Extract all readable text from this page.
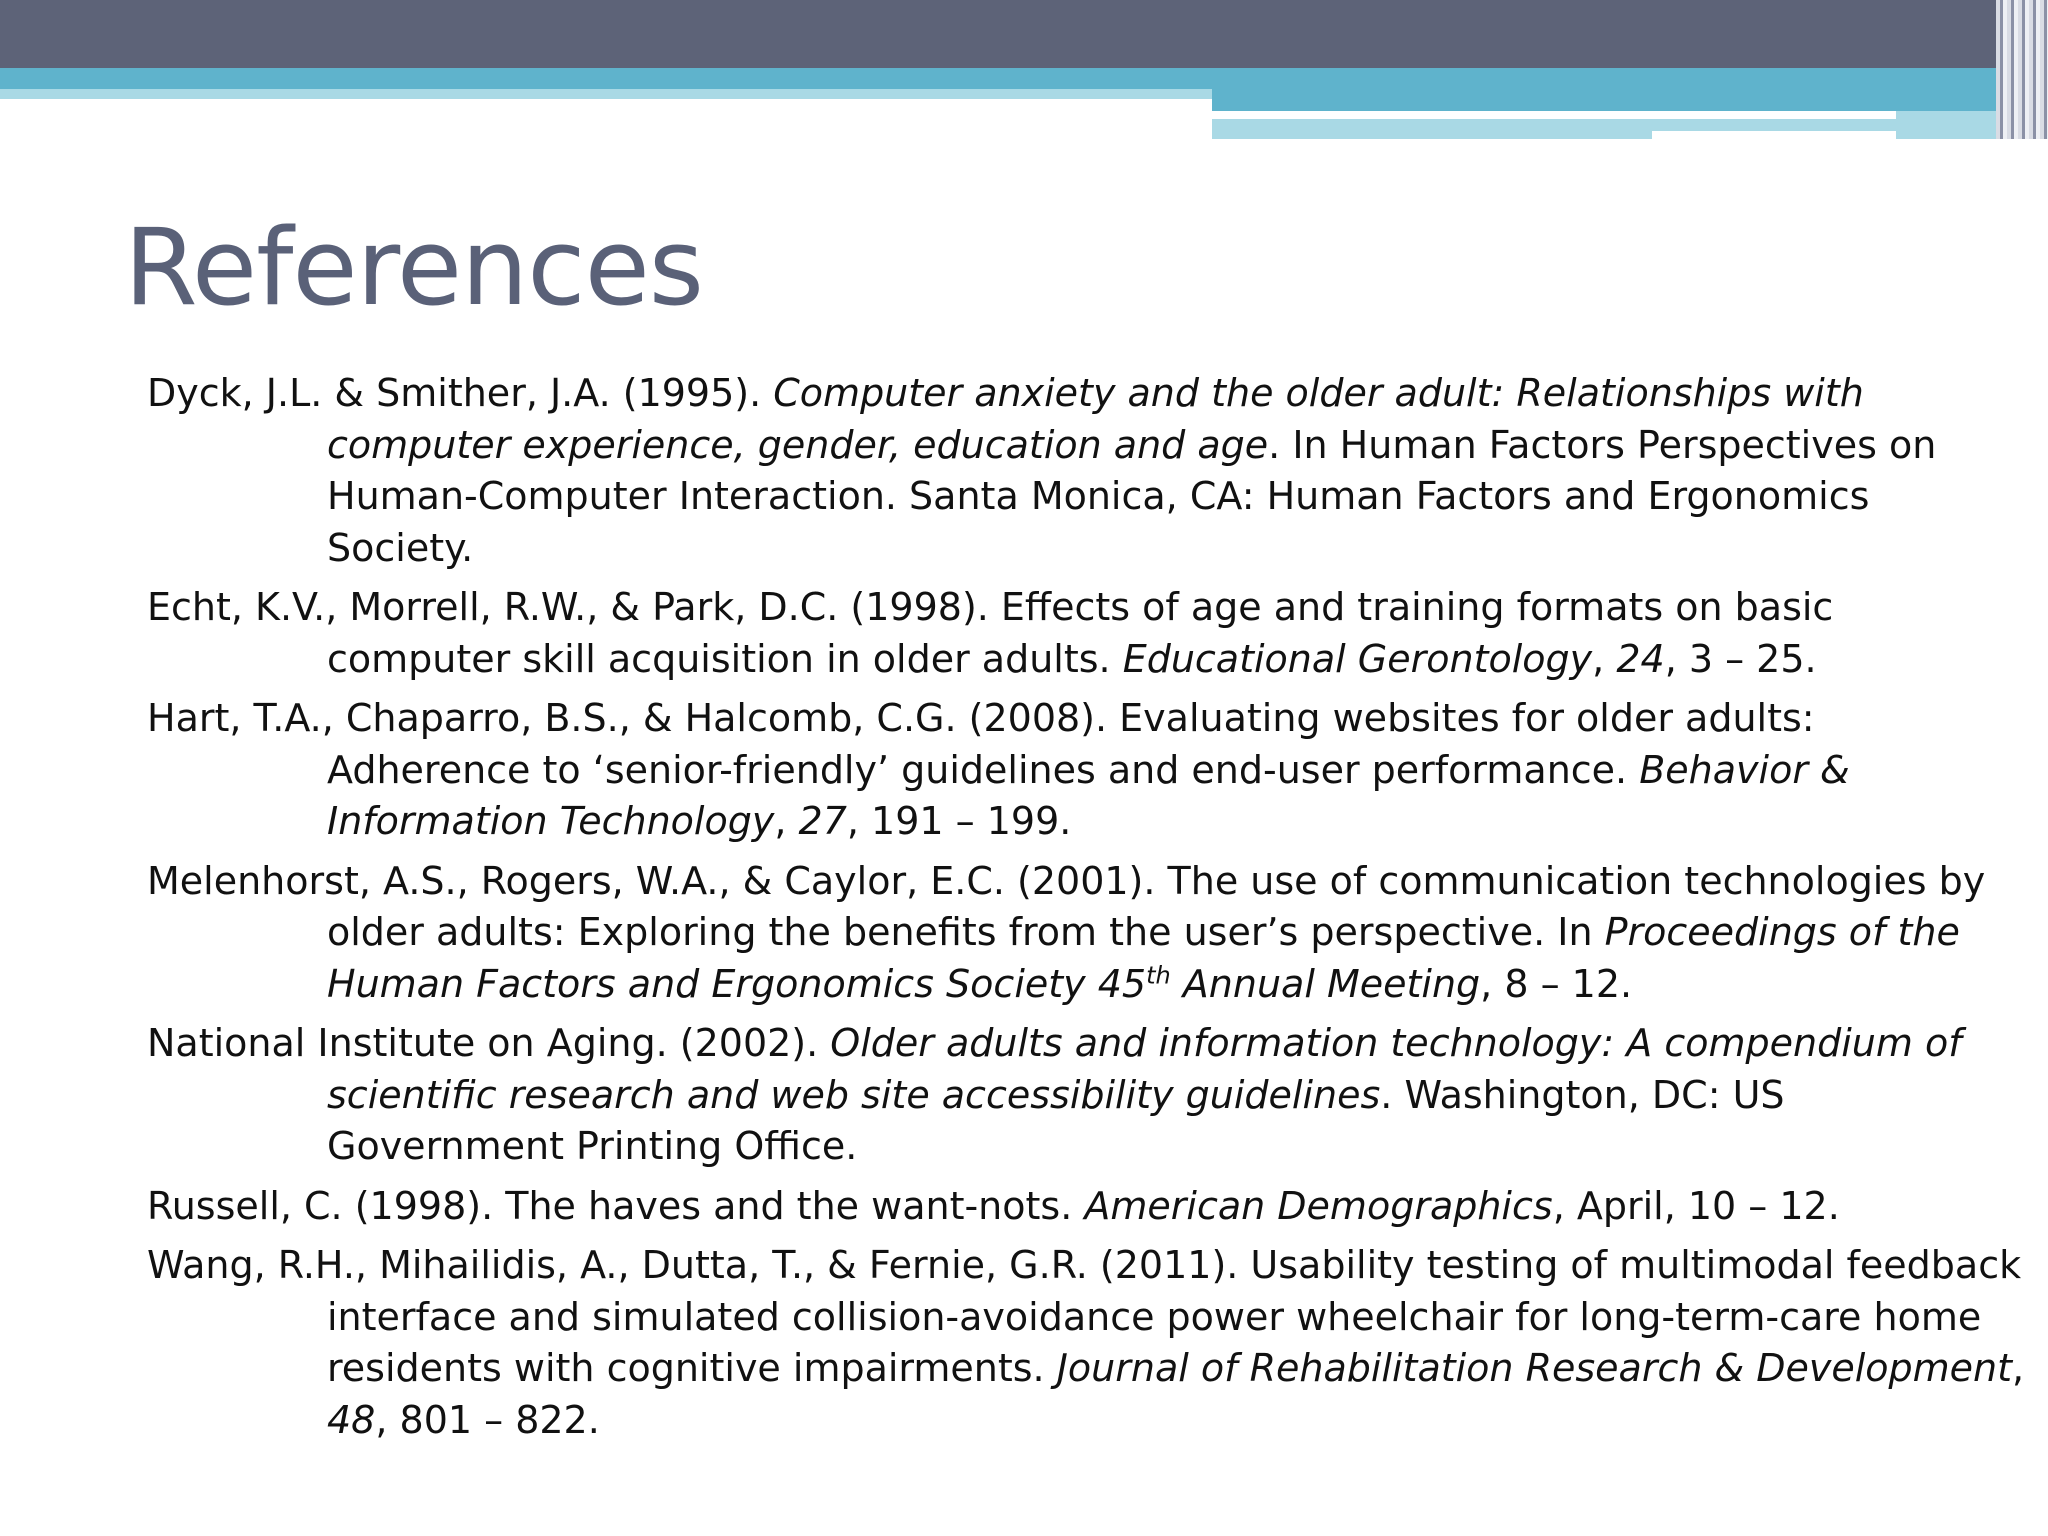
References
Dyck, J.L. & Smither, J.A. (1995). Computer anxiety and the older adult: Relationships with computer experience, gender, education and age. In Human Factors Perspectives on Human-Computer Interaction. Santa Monica, CA: Human Factors and Ergonomics Society.
Echt, K.V., Morrell, R.W., & Park, D.C. (1998). Effects of age and training formats on basic computer skill acquisition in older adults. Educational Gerontology, 24, 3 – 25.
Hart, T.A., Chaparro, B.S., & Halcomb, C.G. (2008). Evaluating websites for older adults: Adherence to ‘senior-friendly’ guidelines and end-user performance. Behavior & Information Technology, 27, 191 – 199.
Melenhorst, A.S., Rogers, W.A., & Caylor, E.C. (2001). The use of communication technologies by older adults: Exploring the benefits from the user’s perspective. In Proceedings of the Human Factors and Ergonomics Society 45th Annual Meeting, 8 – 12.
National Institute on Aging. (2002). Older adults and information technology: A compendium of scientific research and web site accessibility guidelines. Washington, DC: US Government Printing Office.
Russell, C. (1998). The haves and the want-nots. American Demographics, April, 10 – 12.
Wang, R.H., Mihailidis, A., Dutta, T., & Fernie, G.R. (2011). Usability testing of multimodal feedback interface and simulated collision-avoidance power wheelchair for long-term-care home residents with cognitive impairments. Journal of Rehabilitation Research & Development, 48, 801 – 822.
